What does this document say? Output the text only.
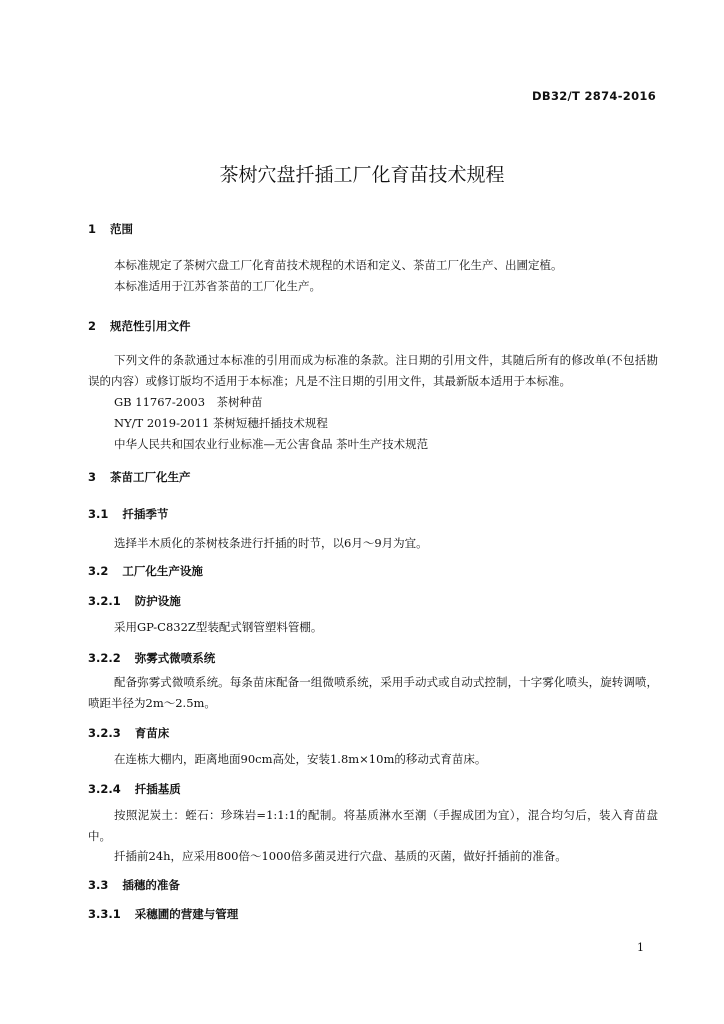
DB32/T 2874-2016
茶树穴盘扦插工厂化育苗技术规程
1 范围

本标准规定了茶树穴盘工厂化育苗技术规程的术语和定义、茶苗工厂化生产、出圃定植。

本标准适用于江苏省茶苗的工厂化生产。

2 规范性引用文件

下列文件的条款通过本标准的引用而成为标准的条款。注日期的引用文件，其随后所有的修改单(不包括勘误的内容）或修订版均不适用于本标准；凡是不注日期的引用文件，其最新版本适用于本标准。

GB 11767-2003　茶树种苗
NY/T 2019-2011 茶树短穗扦插技术规程
中华人民共和国农业行业标准—无公害食品 茶叶生产技术规范
3 茶苗工厂化生产
3.1 扦插季节
选择半木质化的茶树枝条进行扦插的时节，以6月～9月为宜。
3.2 工厂化生产设施
3.2.1 防护设施
采用GP-C832Z型装配式钢管塑料管棚。
3.2.2 弥雾式微喷系统

配备弥雾式微喷系统。每条苗床配备一组微喷系统，采用手动式或自动式控制，十字雾化喷头，旋转调喷，喷距半径为2m～2.5m。

3.2.3 育苗床
在连栋大棚内，距离地面90cm高处，安装1.8m×10m的移动式育苗床。
3.2.4 扦插基质

按照泥炭土：蛭石：珍珠岩=1:1:1的配制。将基质淋水至潮（手握成团为宜），混合均匀后，装入育苗盘中。

扦插前24h，应采用800倍～1000倍多菌灵进行穴盘、基质的灭菌，做好扦插前的准备。
3.3 插穗的准备
3.3.1 采穗圃的营建与管理
1
